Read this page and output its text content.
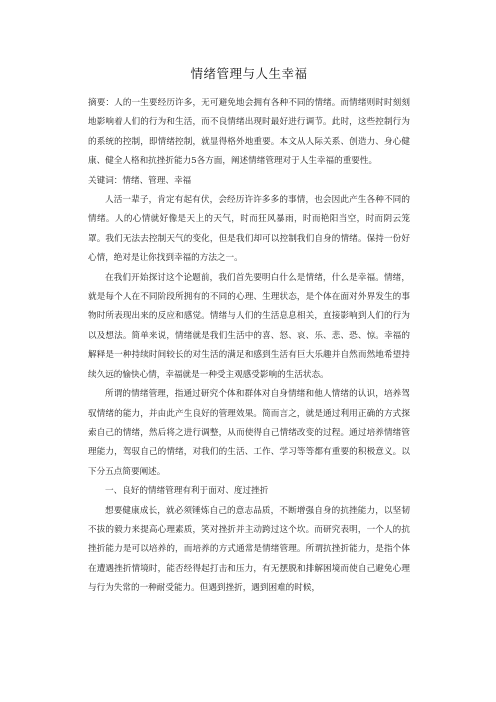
情绪管理与人生幸福

摘要：人的一生要经历许多，无可避免地会拥有各种不同的情绪。而情绪则时时刻刻地影响着人们的行为和生活，而不良情绪出现时最好进行调节。此时，这些控制行为的系统的控制，即情绪控制，就显得格外地重要。本文从人际关系、创造力、身心健康、健全人格和抗挫折能力5各方面，阐述情绪管理对于人生幸福的重要性。

关键词：情绪、管理、幸福

人活一辈子，肯定有起有伏，会经历许许多多的事情，也会因此产生各种不同的情绪。人的心情就好像是天上的天气，时而狂风暴雨，时而艳阳当空，时而阴云笼罩。我们无法去控制天气的变化，但是我们却可以控制我们自身的情绪。保持一份好心情，绝对是让你找到幸福的方法之一。

在我们开始探讨这个论题前，我们首先要明白什么是情绪，什么是幸福。情绪，就是每个人在不同阶段所拥有的不同的心理、生理状态，是个体在面对外界发生的事物时所表现出来的反应和感觉。情绪与人们的生活息息相关，直接影响到人们的行为以及想法。简单来说，情绪就是我们生活中的喜、怒、哀、乐、悲、恐、惊。幸福的解释是一种持续时间较长的对生活的满足和感到生活有巨大乐趣并自然而然地希望持续久远的愉快心情，幸福就是一种受主观感受影响的生活状态。

所谓的情绪管理，指通过研究个体和群体对自身情绪和他人情绪的认识，培养驾驭情绪的能力，并由此产生良好的管理效果。简而言之，就是通过利用正确的方式探索自己的情绪，然后将之进行调整，从而使得自己情绪改变的过程。通过培养情绪管理能力，驾驭自己的情绪，对我们的生活、工作、学习等等都有重要的积极意义。以下分五点简要阐述。

一、良好的情绪管理有利于面对、度过挫折

想要健康成长，就必须锤炼自己的意志品质，不断增强自身的抗挫能力，以坚韧不拔的毅力来提高心理素质，笑对挫折并主动跨过这个坎。而研究表明，一个人的抗挫折能力是可以培养的，而培养的方式通常是情绪管理。所谓抗挫折能力，是指个体在遭遇挫折情境时，能否经得起打击和压力，有无摆脱和排解困境而使自己避免心理与行为失常的一种耐受能力。但遇到挫折，遇到困难的时候，
